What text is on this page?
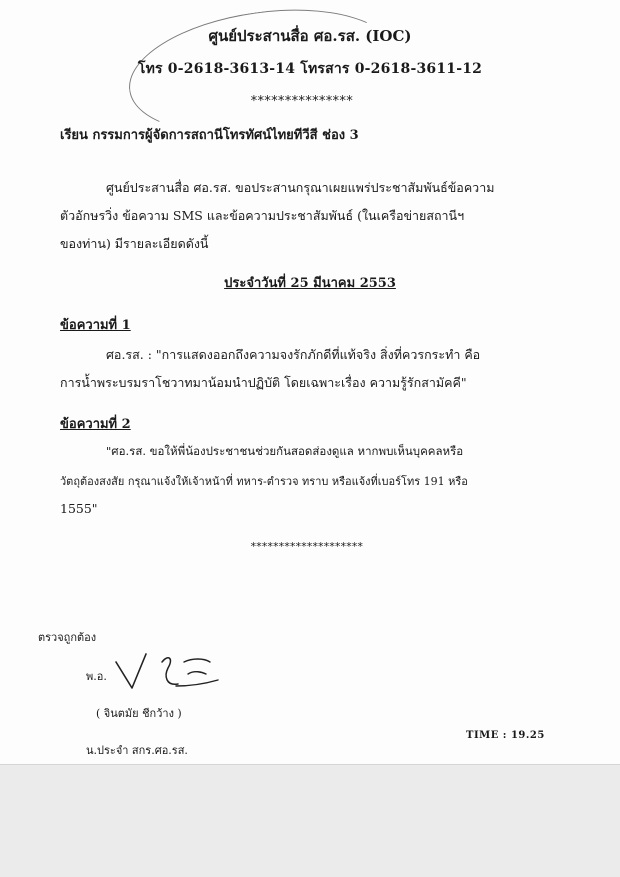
ศูนย์ประสานสื่อ ศอ.รส. (IOC)
โทร 0-2618-3613-14 โทรสาร 0-2618-3611-12
***************
เรียน กรรมการผู้จัดการสถานีโทรทัศน์ไทยทีวีสี ช่อง 3
ศูนย์ประสานสื่อ ศอ.รส. ขอประสานกรุณาเผยแพร่ประชาสัมพันธ์ข้อความ
ตัวอักษรวิ่ง ข้อความ SMS และข้อความประชาสัมพันธ์ (ในเครือข่ายสถานีฯ
ของท่าน) มีรายละเอียดดังนี้
ประจำวันที่ 25 มีนาคม 2553
ข้อความที่ 1
ศอ.รส. : "การแสดงออกถึงความจงรักภักดีที่แท้จริง สิ่งที่ควรกระทำ คือ
การน้ำพระบรมราโชวาทมาน้อมนำปฏิบัติ โดยเฉพาะเรื่อง ความรู้รักสามัคคี"
ข้อความที่ 2
"ศอ.รส. ขอให้พี่น้องประชาชนช่วยกันสอดส่องดูแล หากพบเห็นบุคคลหรือ
วัตถุต้องสงสัย กรุณาแจ้งให้เจ้าหน้าที่ ทหาร-ตำรวจ ทราบ หรือแจ้งที่เบอร์โทร 191 หรือ
1555"
********************
ตรวจถูกต้อง
พ.อ.
( จินตมัย ชีกว้าง )
TIME : 19.25
น.ประจำ สกร.ศอ.รส.
